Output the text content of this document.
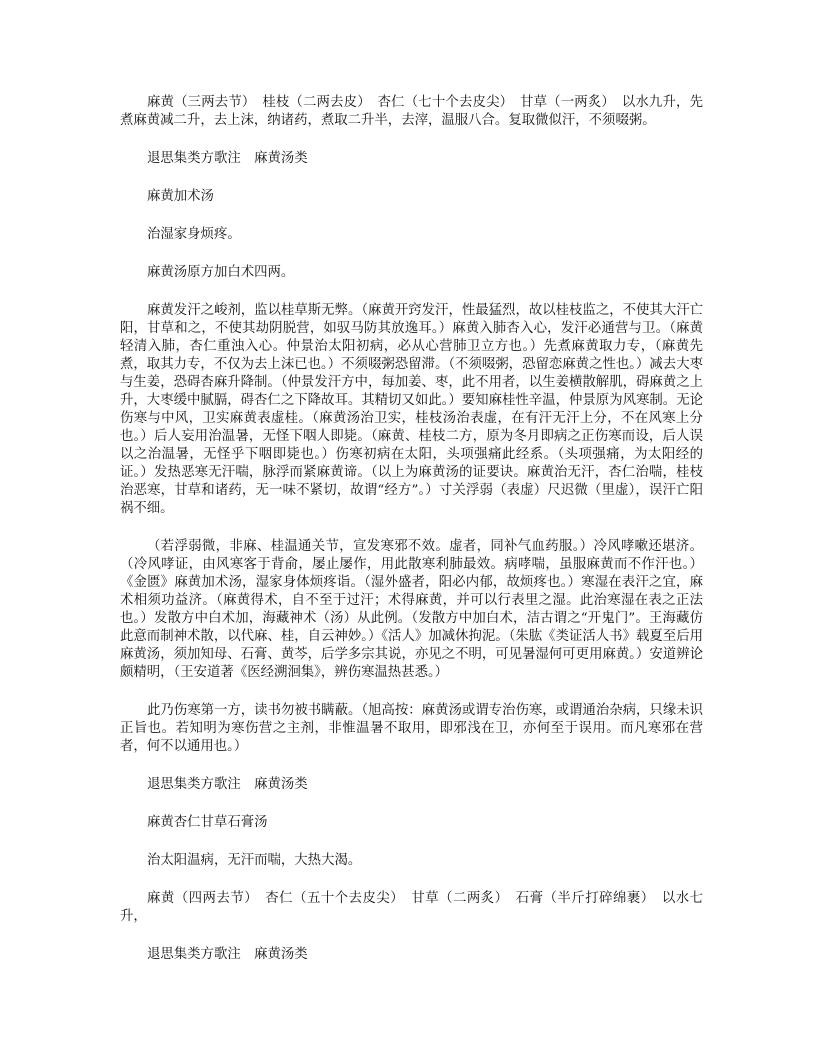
麻黄（三两去节）　桂枝（二两去皮）　杏仁（七十个去皮尖）　甘草（一两炙）　以水九升，先煮麻黄减二升，去上沫，纳诸药，煮取二升半，去滓，温服八合。复取微似汗，不须啜粥。

退思集类方歌注　麻黄汤类

麻黄加术汤

治湿家身烦疼。

麻黄汤原方加白术四两。

麻黄发汗之峻剂，监以桂草斯无弊。（麻黄开窍发汗，性最猛烈，故以桂枝监之，不使其大汗亡阳，甘草和之，不使其劫阴脱营，如驭马防其放逸耳。）麻黄入肺杏入心，发汗必通营与卫。（麻黄轻清入肺，杏仁重浊入心。仲景治太阳初病，必从心营肺卫立方也。）先煮麻黄取力专，（麻黄先煮，取其力专，不仅为去上沫已也。）不须啜粥恐留滞。（不须啜粥，恐留恋麻黄之性也。）减去大枣与生姜，恐碍杏麻升降制。（仲景发汗方中，每加姜、枣，此不用者，以生姜横散解肌，碍麻黄之上升，大枣缓中腻膈，碍杏仁之下降故耳。其精切又如此。）要知麻桂性辛温，仲景原为风寒制。无论伤寒与中风，卫实麻黄表虚桂。（麻黄汤治卫实，桂枝汤治表虚，在有汗无汗上分，不在风寒上分也。）后人妄用治温暑，无怪下咽人即毙。（麻黄、桂枝二方，原为冬月即病之正伤寒而设，后人误以之治温暑，无怪乎下咽即毙也。）伤寒初病在太阳，头项强痛此经系。（头项强痛，为太阳经的证。）发热恶寒无汗喘，脉浮而紧麻黄谛。（以上为麻黄汤的证要诀。麻黄治无汗，杏仁治喘，桂枝治恶寒，甘草和诸药，无一味不紧切，故谓“经方”。）寸关浮弱（表虚）尺迟微（里虚），误汗亡阳祸不细。

（若浮弱微，非麻、桂温通关节，宣发寒邪不效。虚者，同补气血药服。）冷风哮嗽还堪济。（冷风哮证，由风寒客于背俞，屡止屡作，用此散寒利肺最效。病哮喘，虽服麻黄而不作汗也。）《金匮》麻黄加术汤，湿家身体烦疼诣。（湿外盛者，阳必内郁，故烦疼也。）寒湿在表汗之宜，麻术相须功益济。（麻黄得术，自不至于过汗；术得麻黄，并可以行表里之湿。此治寒湿在表之正法也。）发散方中白术加，海藏神术（汤）从此例。（发散方中加白术，洁古谓之“开鬼门”。王海藏仿此意而制神术散，以代麻、桂，自云神妙。）《活人》加减休拘泥。（朱肱《类证活人书》载夏至后用麻黄汤，须加知母、石膏、黄芩，后学多宗其说，亦见之不明，可见暑湿何可更用麻黄。）安道辨论颇精明，（王安道著《医经溯洄集》，辨伤寒温热甚悉。）

此乃伤寒第一方，读书勿被书瞒蔽。（旭高按：麻黄汤或谓专治伤寒，或谓通治杂病，只缘未识正旨也。若知明为寒伤营之主剂，非惟温暑不取用，即邪浅在卫，亦何至于误用。而凡寒邪在营者，何不以通用也。）

退思集类方歌注　麻黄汤类

麻黄杏仁甘草石膏汤

治太阳温病，无汗而喘，大热大渴。

麻黄（四两去节）　杏仁（五十个去皮尖）　甘草（二两炙）　石膏（半斤打碎绵裹）　以水七升，

退思集类方歌注　麻黄汤类
